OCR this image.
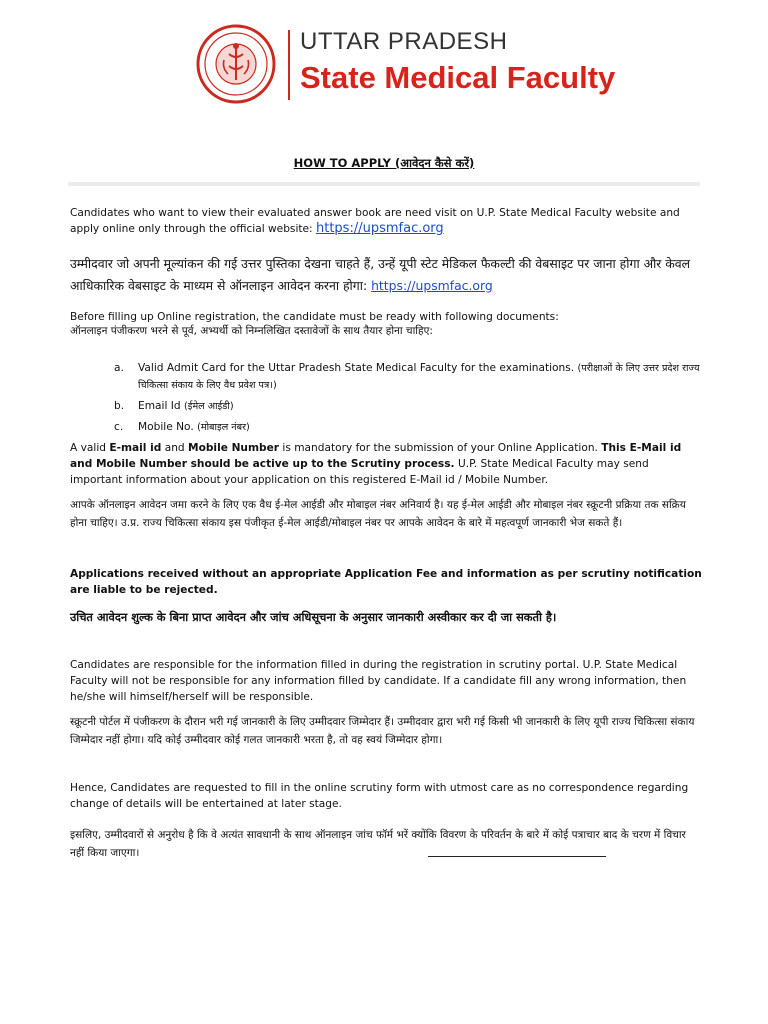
UTTAR PRADESH
State Medical Faculty
HOW TO APPLY (आवेदन कैसे करें)

Candidates who want to view their evaluated answer book are need visit on U.P. State Medical Faculty website and apply online only through the official website: https://upsmfac.org

उम्मीदवार जो अपनी मूल्यांकन की गई उत्तर पुस्तिका देखना चाहते हैं, उन्हें यूपी स्टेट मेडिकल फैकल्टी की वेबसाइट पर जाना होगा और केवल आधिकारिक वेबसाइट के माध्यम से ऑनलाइन आवेदन करना होगा: https://upsmfac.org

Before filling up Online registration, the candidate must be ready with following documents:

ऑनलाइन पंजीकरण भरने से पूर्व, अभ्यर्थी को निम्नलिखित दस्तावेजों के साथ तैयार होना चाहिए:

a. Valid Admit Card for the Uttar Pradesh State Medical Faculty for the examinations. (परीक्षाओं के लिए उत्तर प्रदेश राज्य चिकित्सा संकाय के लिए वैध प्रवेश पत्र।)
b. Email Id (ईमेल आईडी)
c. Mobile No. (मोबाइल नंबर)

A valid E-mail id and Mobile Number is mandatory for the submission of your Online Application. This E-Mail id and Mobile Number should be active up to the Scrutiny process. U.P. State Medical Faculty may send important information about your application on this registered E-Mail id / Mobile Number.

आपके ऑनलाइन आवेदन जमा करने के लिए एक वैध ई-मेल आईडी और मोबाइल नंबर अनिवार्य है। यह ई-मेल आईडी और मोबाइल नंबर स्क्रूटनी प्रक्रिया तक सक्रिय होना चाहिए। उ.प्र. राज्य चिकित्सा संकाय इस पंजीकृत ई-मेल आईडी/मोबाइल नंबर पर आपके आवेदन के बारे में महत्वपूर्ण जानकारी भेज सकते हैं।

Applications received without an appropriate Application Fee and information as per scrutiny notification are liable to be rejected.

उचित आवेदन शुल्क के बिना प्राप्त आवेदन और जांच अधिसूचना के अनुसार जानकारी अस्वीकार कर दी जा सकती है।

Candidates are responsible for the information filled in during the registration in scrutiny portal. U.P. State Medical Faculty will not be responsible for any information filled by candidate. If a candidate fill any wrong information, then he/she will himself/herself will be responsible.

स्क्रूटनी पोर्टल में पंजीकरण के दौरान भरी गई जानकारी के लिए उम्मीदवार जिम्मेदार हैं। उम्मीदवार द्वारा भरी गई किसी भी जानकारी के लिए यूपी राज्य चिकित्सा संकाय जिम्मेदार नहीं होगा। यदि कोई उम्मीदवार कोई गलत जानकारी भरता है, तो वह स्वयं जिम्मेदार होगा।

Hence, Candidates are requested to fill in the online scrutiny form with utmost care as no correspondence regarding change of details will be entertained at later stage.

इसलिए, उम्मीदवारों से अनुरोध है कि वे अत्यंत सावधानी के साथ ऑनलाइन जांच फॉर्म भरें क्योंकि विवरण के परिवर्तन के बारे में कोई पत्राचार बाद के चरण में विचार नहीं किया जाएगा।
